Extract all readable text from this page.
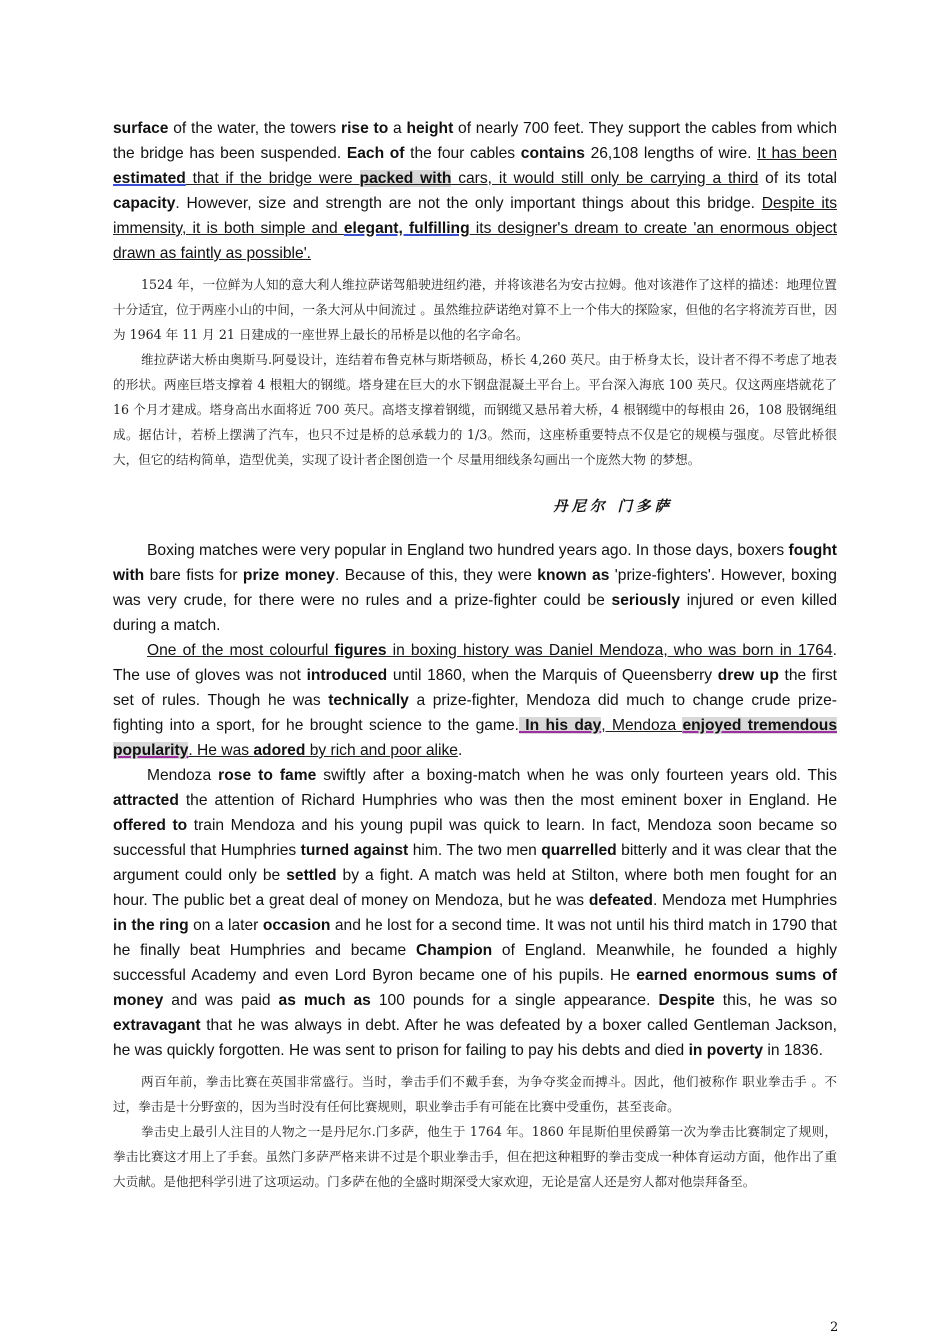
surface of the water, the towers rise to a height of nearly 700 feet. They support the cables from which the bridge has been suspended. Each of the four cables contains 26,108 lengths of wire. It has been estimated that if the bridge were packed with cars, it would still only be carrying a third of its total capacity. However, size and strength are not the only important things about this bridge. Despite its immensity, it is both simple and elegant, fulfilling its designer's dream to create 'an enormous object drawn as faintly as possible'.

1524 年，一位鲜为人知的意大利人维拉萨诺驾船驶进纽约港，并将该港名为安古拉姆。他对该港作了这样的描述：地理位置十分适宜，位于两座小山的中间，一条大河从中间流过 。虽然维拉萨诺绝对算不上一个伟大的探险家，但他的名字将流芳百世，因为 1964 年 11 月 21 日建成的一座世界上最长的吊桥是以他的名字命名。

维拉萨诺大桥由奥斯马.阿曼设计，连结着布鲁克林与斯塔顿岛，桥长 4,260 英尺。由于桥身太长，设计者不得不考虑了地表的形状。两座巨塔支撑着 4 根粗大的钢缆。塔身建在巨大的水下钢盘混凝土平台上。平台深入海底 100 英尺。仅这两座塔就花了 16 个月才建成。塔身高出水面将近 700 英尺。高塔支撑着钢缆，而钢缆又悬吊着大桥，4 根钢缆中的每根由 26，108 股钢绳组成。据估计，若桥上摆满了汽车，也只不过是桥的总承载力的 1/3。然而，这座桥重要特点不仅是它的规模与强度。尽管此桥很大，但它的结构简单，造型优美，实现了设计者企图创造一个 尽量用细线条勾画出一个庞然大物 的梦想。

丹尼尔 门多萨

Boxing matches were very popular in England two hundred years ago. In those days, boxers fought with bare fists for prize money. Because of this, they were known as 'prize-fighters'. However, boxing was very crude, for there were no rules and a prize-fighter could be seriously injured or even killed during a match.

One of the most colourful figures in boxing history was Daniel Mendoza, who was born in 1764. The use of gloves was not introduced until 1860, when the Marquis of Queensberry drew up the first set of rules. Though he was technically a prize-fighter, Mendoza did much to change crude prize-fighting into a sport, for he brought science to the game. In his day, Mendoza enjoyed tremendous popularity. He was adored by rich and poor alike.

Mendoza rose to fame swiftly after a boxing-match when he was only fourteen years old. This attracted the attention of Richard Humphries who was then the most eminent boxer in England. He offered to train Mendoza and his young pupil was quick to learn. In fact, Mendoza soon became so successful that Humphries turned against him. The two men quarrelled bitterly and it was clear that the argument could only be settled by a fight. A match was held at Stilton, where both men fought for an hour. The public bet a great deal of money on Mendoza, but he was defeated. Mendoza met Humphries in the ring on a later occasion and he lost for a second time. It was not until his third match in 1790 that he finally beat Humphries and became Champion of England. Meanwhile, he founded a highly successful Academy and even Lord Byron became one of his pupils. He earned enormous sums of money and was paid as much as 100 pounds for a single appearance. Despite this, he was so extravagant that he was always in debt. After he was defeated by a boxer called Gentleman Jackson, he was quickly forgotten. He was sent to prison for failing to pay his debts and died in poverty in 1836.

两百年前，拳击比赛在英国非常盛行。当时，拳击手们不戴手套，为争夺奖金而搏斗。因此，他们被称作 职业拳击手 。不过，拳击是十分野蛮的，因为当时没有任何比赛规则，职业拳击手有可能在比赛中受重伤，甚至丧命。

拳击史上最引人注目的人物之一是丹尼尔.门多萨，他生于 1764 年。1860 年昆斯伯里侯爵第一次为拳击比赛制定了规则，拳击比赛这才用上了手套。虽然门多萨严格来讲不过是个职业拳击手，但在把这种粗野的拳击变成一种体育运动方面，他作出了重大贡献。是他把科学引进了这项运动。门多萨在他的全盛时期深受大家欢迎，无论是富人还是穷人都对他崇拜备至。

2
